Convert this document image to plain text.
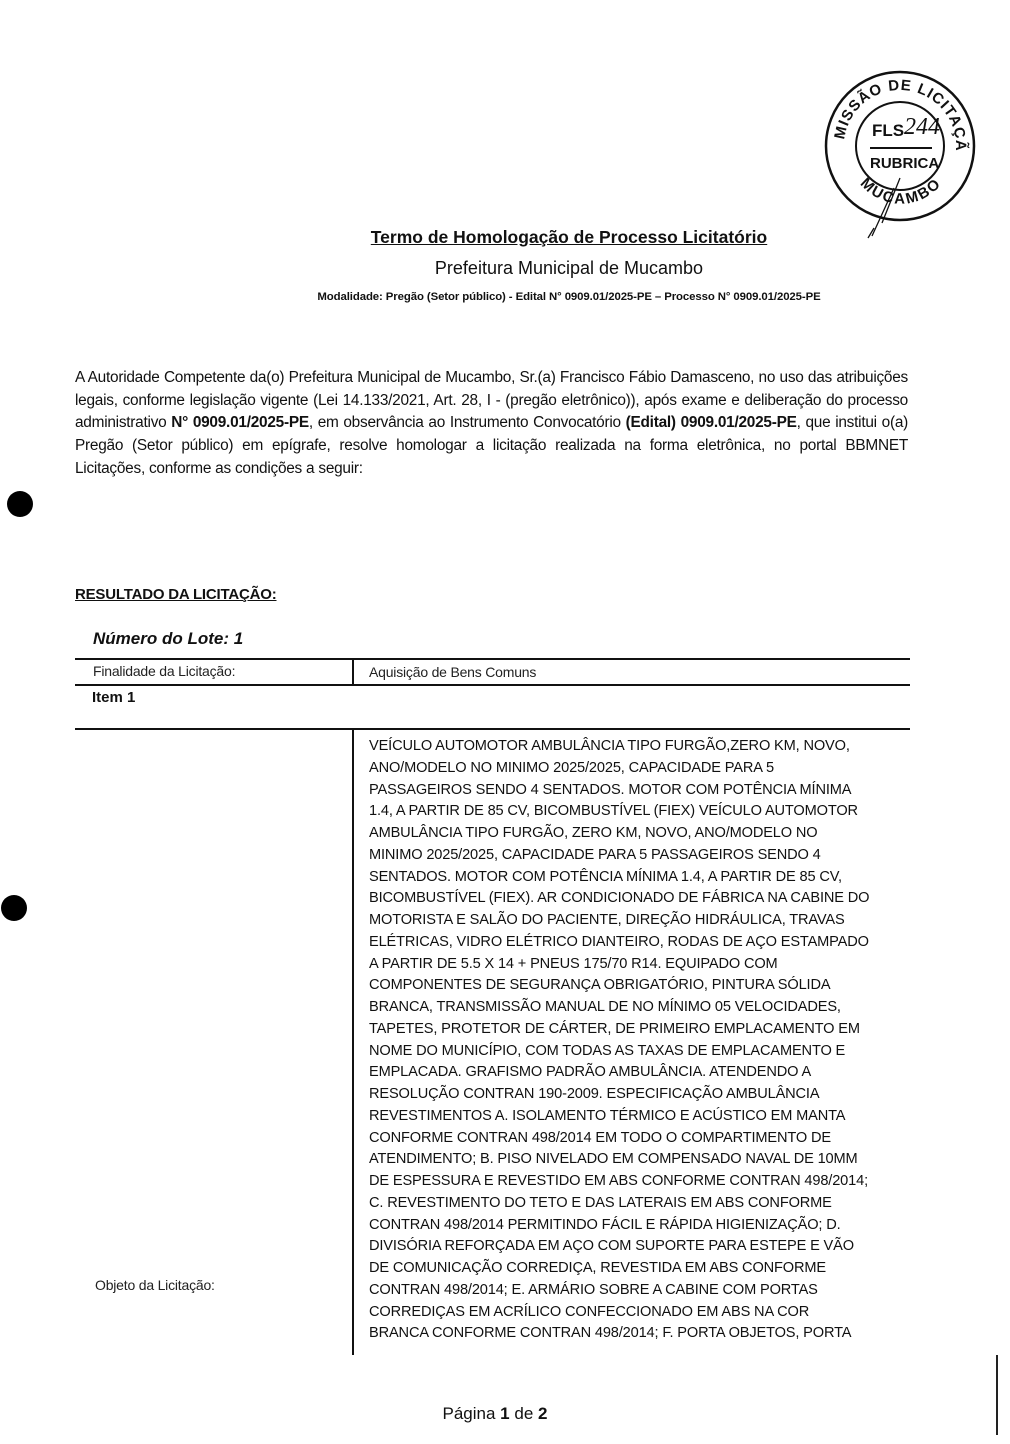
MISSÃO DE LICITAÇÃ
MUCAMBO
FLS 244
RUBRICA
Termo de Homologação de Processo Licitatório
Prefeitura Municipal de Mucambo
Modalidade: Pregão (Setor público) - Edital N° 0909.01/2025-PE – Processo N° 0909.01/2025-PE
A Autoridade Competente da(o) Prefeitura Municipal de Mucambo, Sr.(a) Francisco Fábio Damasceno, no uso das atribuições legais, conforme legislação vigente (Lei 14.133/2021, Art. 28, I - (pregão eletrônico)), após exame e deliberação do processo administrativo N° 0909.01/2025-PE, em observância ao Instrumento Convocatório (Edital) 0909.01/2025-PE, que institui o(a) Pregão (Setor público) em epígrafe, resolve homologar a licitação realizada na forma eletrônica, no portal BBMNET Licitações, conforme as condições a seguir:
RESULTADO DA LICITAÇÃO:
Número do Lote: 1
Finalidade da Licitação:	Aquisição de Bens Comuns
Item 1
Objeto da Licitação:
VEÍCULO AUTOMOTOR AMBULÂNCIA TIPO FURGÃO,ZERO KM, NOVO,
ANO/MODELO NO MINIMO 2025/2025, CAPACIDADE PARA 5
PASSAGEIROS SENDO 4 SENTADOS. MOTOR COM POTÊNCIA MÍNIMA
1.4, A PARTIR DE 85 CV, BICOMBUSTÍVEL (FIEX) VEÍCULO AUTOMOTOR
AMBULÂNCIA TIPO FURGÃO, ZERO KM, NOVO, ANO/MODELO NO
MINIMO 2025/2025, CAPACIDADE PARA 5 PASSAGEIROS SENDO 4
SENTADOS. MOTOR COM POTÊNCIA MÍNIMA 1.4, A PARTIR DE 85 CV,
BICOMBUSTÍVEL (FIEX). AR CONDICIONADO DE FÁBRICA NA CABINE DO
MOTORISTA E SALÃO DO PACIENTE, DIREÇÃO HIDRÁULICA, TRAVAS
ELÉTRICAS, VIDRO ELÉTRICO DIANTEIRO, RODAS DE AÇO ESTAMPADO
A PARTIR DE 5.5 X 14 + PNEUS 175/70 R14. EQUIPADO COM
COMPONENTES DE SEGURANÇA OBRIGATÓRIO, PINTURA SÓLIDA
BRANCA, TRANSMISSÃO MANUAL DE NO MÍNIMO 05 VELOCIDADES,
TAPETES, PROTETOR DE CÁRTER, DE PRIMEIRO EMPLACAMENTO EM
NOME DO MUNICÍPIO, COM TODAS AS TAXAS DE EMPLACAMENTO E
EMPLACADA. GRAFISMO PADRÃO AMBULÂNCIA. ATENDENDO A
RESOLUÇÃO CONTRAN 190-2009. ESPECIFICAÇÃO AMBULÂNCIA
REVESTIMENTOS A. ISOLAMENTO TÉRMICO E ACÚSTICO EM MANTA
CONFORME CONTRAN 498/2014 EM TODO O COMPARTIMENTO DE
ATENDIMENTO; B. PISO NIVELADO EM COMPENSADO NAVAL DE 10MM
DE ESPESSURA E REVESTIDO EM ABS CONFORME CONTRAN 498/2014;
C. REVESTIMENTO DO TETO E DAS LATERAIS EM ABS CONFORME
CONTRAN 498/2014 PERMITINDO FÁCIL E RÁPIDA HIGIENIZAÇÃO; D.
DIVISÓRIA REFORÇADA EM AÇO COM SUPORTE PARA ESTEPE E VÃO
DE COMUNICAÇÃO CORREDIÇA, REVESTIDA EM ABS CONFORME
CONTRAN 498/2014; E. ARMÁRIO SOBRE A CABINE COM PORTAS
CORREDIÇAS EM ACRÍLICO CONFECCIONADO EM ABS NA COR
BRANCA CONFORME CONTRAN 498/2014; F. PORTA OBJETOS, PORTA
Página 1 de 2
